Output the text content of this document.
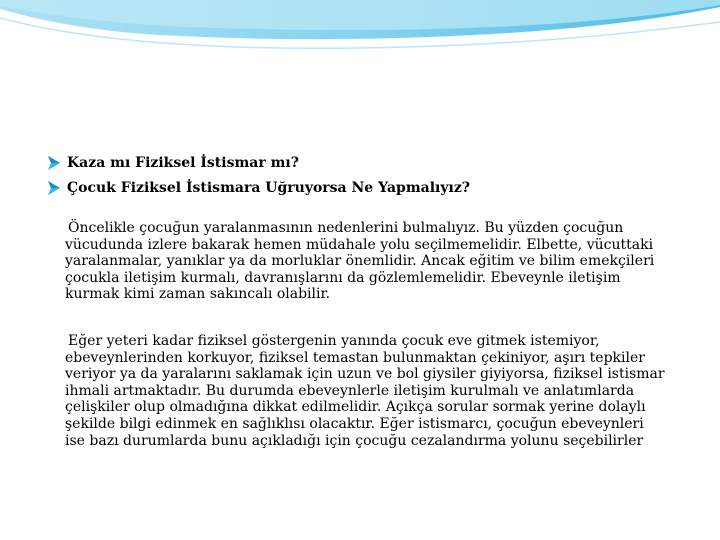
Kaza mı Fiziksel İstismar mı?
Çocuk Fiziksel İstismara Uğruyorsa Ne Yapmalıyız?

Öncelikle çocuğun yaralanmasının nedenlerini bulmalıyız. Bu yüzden çocuğun vücudunda izlere bakarak hemen müdahale yolu seçilmemelidir. Elbette, vücuttaki yaralanmalar, yanıklar ya da morluklar önemlidir. Ancak eğitim ve bilim emekçileri çocukla iletişim kurmalı, davranışlarını da gözlemlemelidir. Ebeveynle iletişim kurmak kimi zaman sakıncalı olabilir.

Eğer yeteri kadar fiziksel göstergenin yanında çocuk eve gitmek istemiyor, ebeveynlerinden korkuyor, fiziksel temastan bulunmaktan çekiniyor, aşırı tepkiler veriyor ya da yaralarını saklamak için uzun ve bol giysiler giyiyorsa, fiziksel istismar ihmali artmaktadır. Bu durumda ebeveynlerle iletişim kurulmalı ve anlatımlarda çelişkiler olup olmadığına dikkat edilmelidir. Açıkça sorular sormak yerine dolaylı şekilde bilgi edinmek en sağlıklısı olacaktır. Eğer istismarcı, çocuğun ebeveynleri ise bazı durumlarda bunu açıkladığı için çocuğu cezalandırma yolunu seçebilirler
